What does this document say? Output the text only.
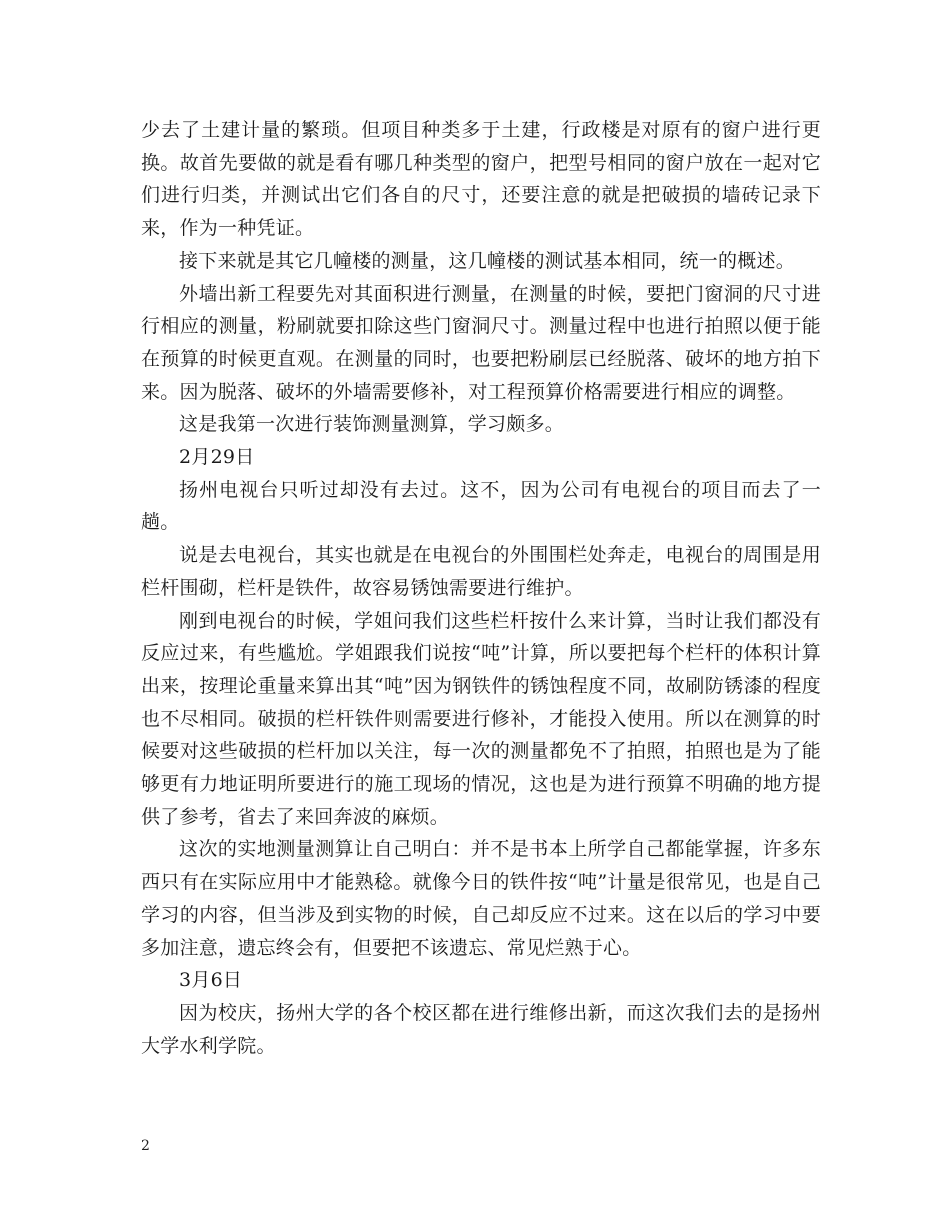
少去了土建计量的繁琐。但项目种类多于土建，行政楼是对原有的窗户进行更换。故首先要做的就是看有哪几种类型的窗户，把型号相同的窗户放在一起对它们进行归类，并测试出它们各自的尺寸，还要注意的就是把破损的墙砖记录下来，作为一种凭证。

接下来就是其它几幢楼的测量，这几幢楼的测试基本相同，统一的概述。

外墙出新工程要先对其面积进行测量，在测量的时候，要把门窗洞的尺寸进行相应的测量，粉刷就要扣除这些门窗洞尺寸。测量过程中也进行拍照以便于能在预算的时候更直观。在测量的同时，也要把粉刷层已经脱落、破坏的地方拍下来。因为脱落、破坏的外墙需要修补，对工程预算价格需要进行相应的调整。

这是我第一次进行装饰测量测算，学习颇多。

2月29日

扬州电视台只听过却没有去过。这不，因为公司有电视台的项目而去了一趟。

说是去电视台，其实也就是在电视台的外围围栏处奔走，电视台的周围是用栏杆围砌，栏杆是铁件，故容易锈蚀需要进行维护。

刚到电视台的时候，学姐问我们这些栏杆按什么来计算，当时让我们都没有反应过来，有些尴尬。学姐跟我们说按“吨”计算，所以要把每个栏杆的体积计算出来，按理论重量来算出其“吨”因为钢铁件的锈蚀程度不同，故刷防锈漆的程度也不尽相同。破损的栏杆铁件则需要进行修补，才能投入使用。所以在测算的时候要对这些破损的栏杆加以关注，每一次的测量都免不了拍照，拍照也是为了能够更有力地证明所要进行的施工现场的情况，这也是为进行预算不明确的地方提供了参考，省去了来回奔波的麻烦。

这次的实地测量测算让自己明白：并不是书本上所学自己都能掌握，许多东西只有在实际应用中才能熟稔。就像今日的铁件按“吨”计量是很常见，也是自己学习的内容，但当涉及到实物的时候，自己却反应不过来。这在以后的学习中要多加注意，遗忘终会有，但要把不该遗忘、常见烂熟于心。

3月6日

因为校庆，扬州大学的各个校区都在进行维修出新，而这次我们去的是扬州大学水利学院。

2
